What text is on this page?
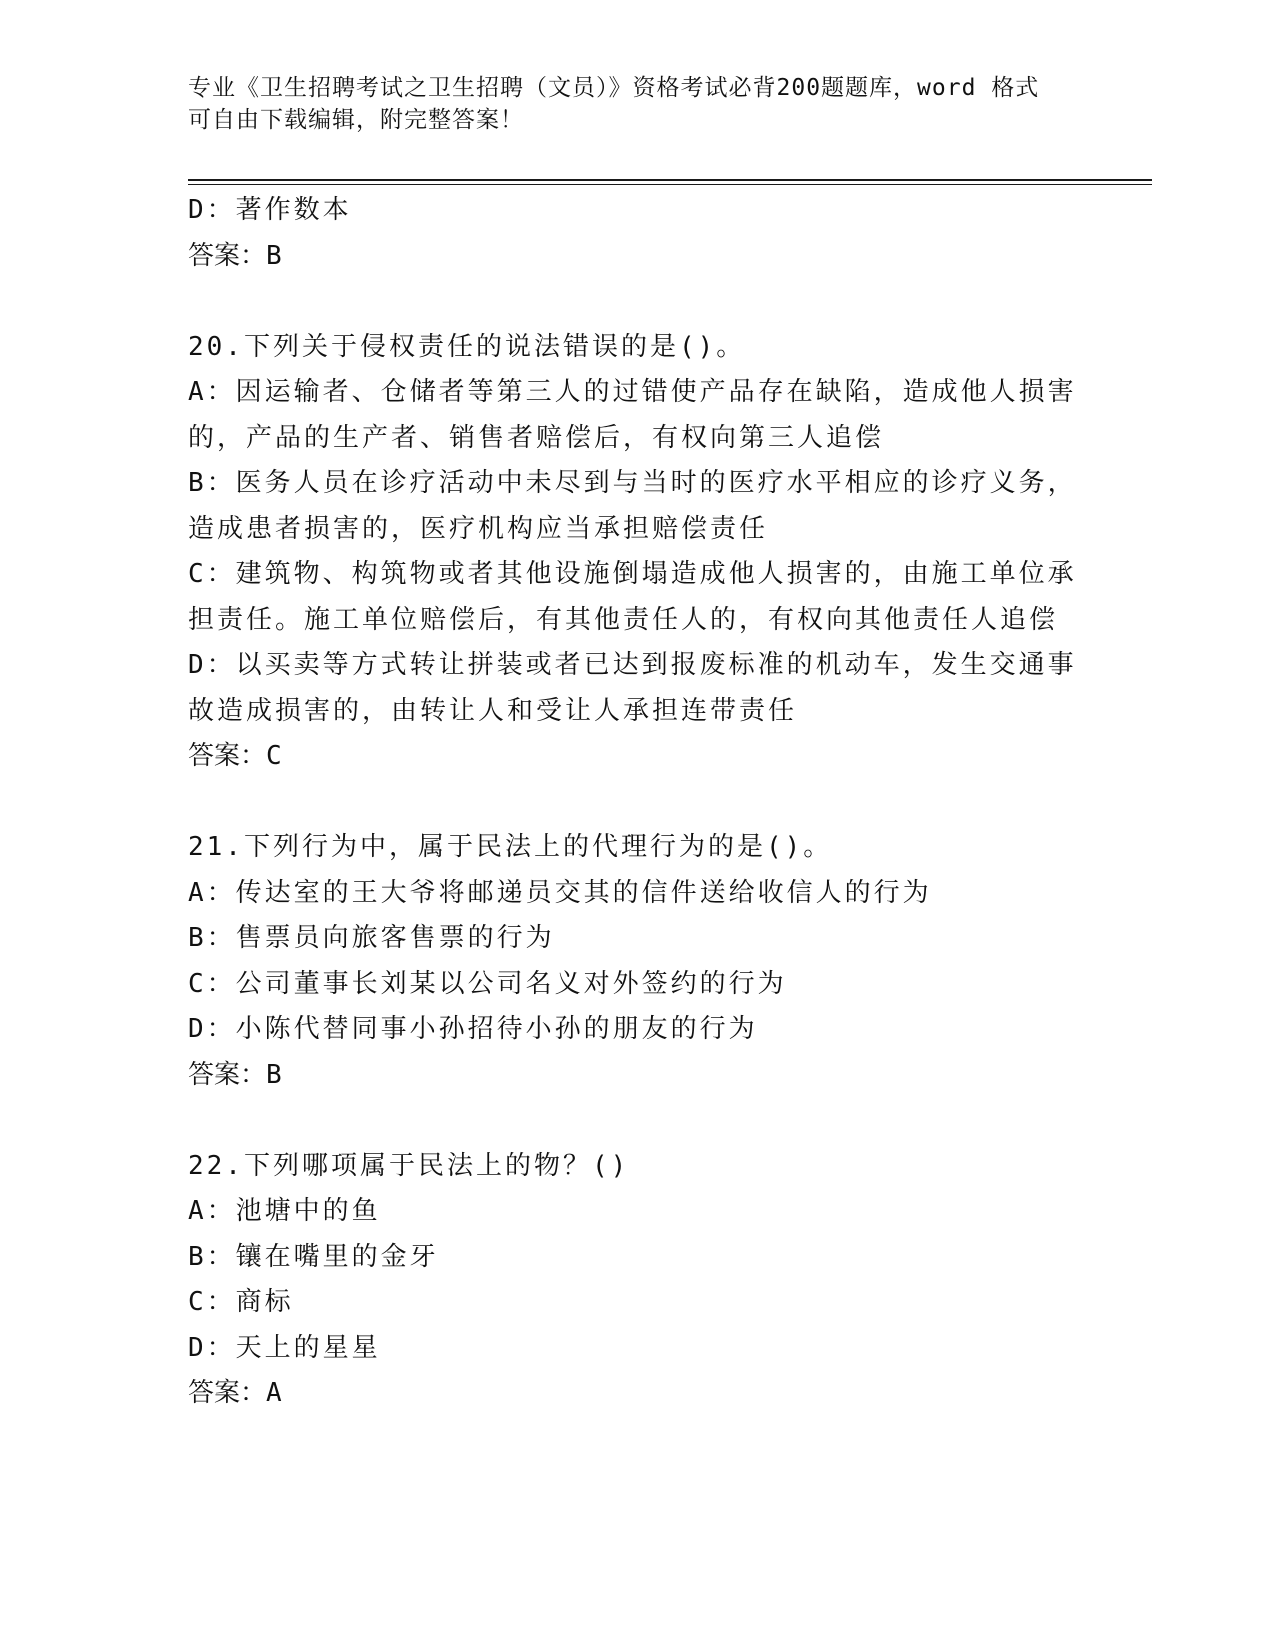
专业《卫生招聘考试之卫生招聘（文员）》资格考试必背200题题库，word 格式
可自由下载编辑，附完整答案！
D：著作数本
答案：B
20.下列关于侵权责任的说法错误的是()。
A：因运输者、仓储者等第三人的过错使产品存在缺陷，造成他人损害
的，产品的生产者、销售者赔偿后，有权向第三人追偿
B：医务人员在诊疗活动中未尽到与当时的医疗水平相应的诊疗义务，
造成患者损害的，医疗机构应当承担赔偿责任
C：建筑物、构筑物或者其他设施倒塌造成他人损害的，由施工单位承
担责任。施工单位赔偿后，有其他责任人的，有权向其他责任人追偿
D：以买卖等方式转让拼装或者已达到报废标准的机动车，发生交通事
故造成损害的，由转让人和受让人承担连带责任
答案：C
21.下列行为中，属于民法上的代理行为的是()。
A：传达室的王大爷将邮递员交其的信件送给收信人的行为
B：售票员向旅客售票的行为
C：公司董事长刘某以公司名义对外签约的行为
D：小陈代替同事小孙招待小孙的朋友的行为
答案：B
22.下列哪项属于民法上的物？()
A：池塘中的鱼
B：镶在嘴里的金牙
C：商标
D：天上的星星
答案：A
